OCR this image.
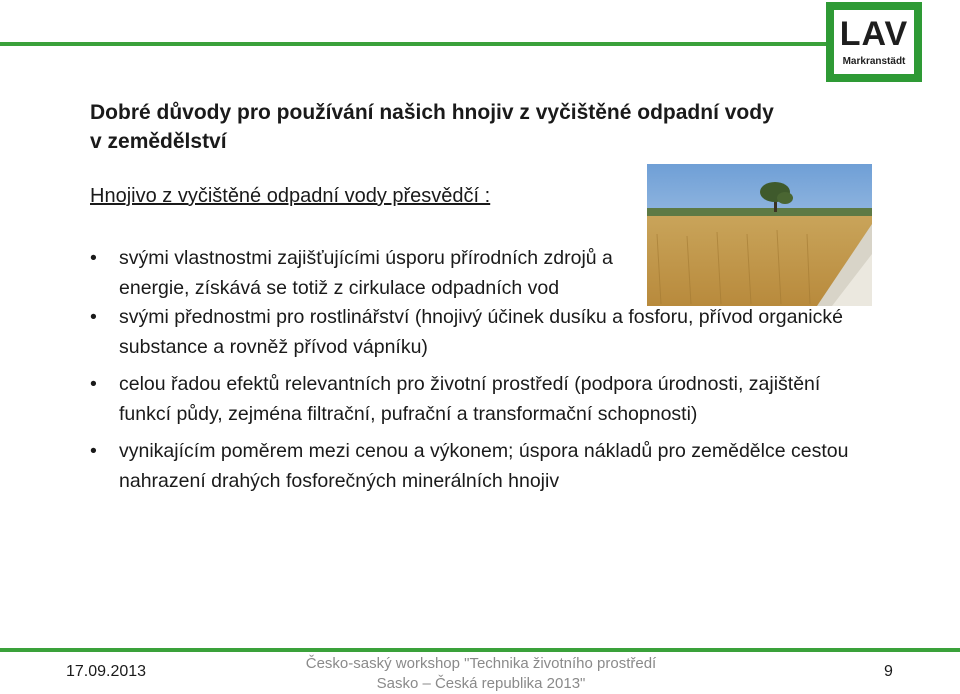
LAV
Markranstädt
Dobré důvody pro používání našich hnojiv z vyčištěné odpadní vody v zemědělství
Hnojivo z vyčištěné odpadní vody přesvědčí :
• svými vlastnostmi zajišťujícími úsporu přírodních zdrojů a energie, získává se totiž z cirkulace odpadních vod
• svými přednostmi pro rostlinářství (hnojivý účinek dusíku a fosforu, přívod organické substance a rovněž přívod vápníku)
• celou řadou efektů relevantních pro životní prostředí (podpora úrodnosti, zajištění funkcí půdy, zejména filtrační, pufrační a transformační schopnosti)
• vynikajícím poměrem mezi cenou a výkonem; úspora nákladů pro zemědělce cestou nahrazení drahých fosforečných minerálních hnojiv
17.09.2013	Česko-saský workshop "Technika životního prostředí
Sasko – Česká republika 2013"
9
